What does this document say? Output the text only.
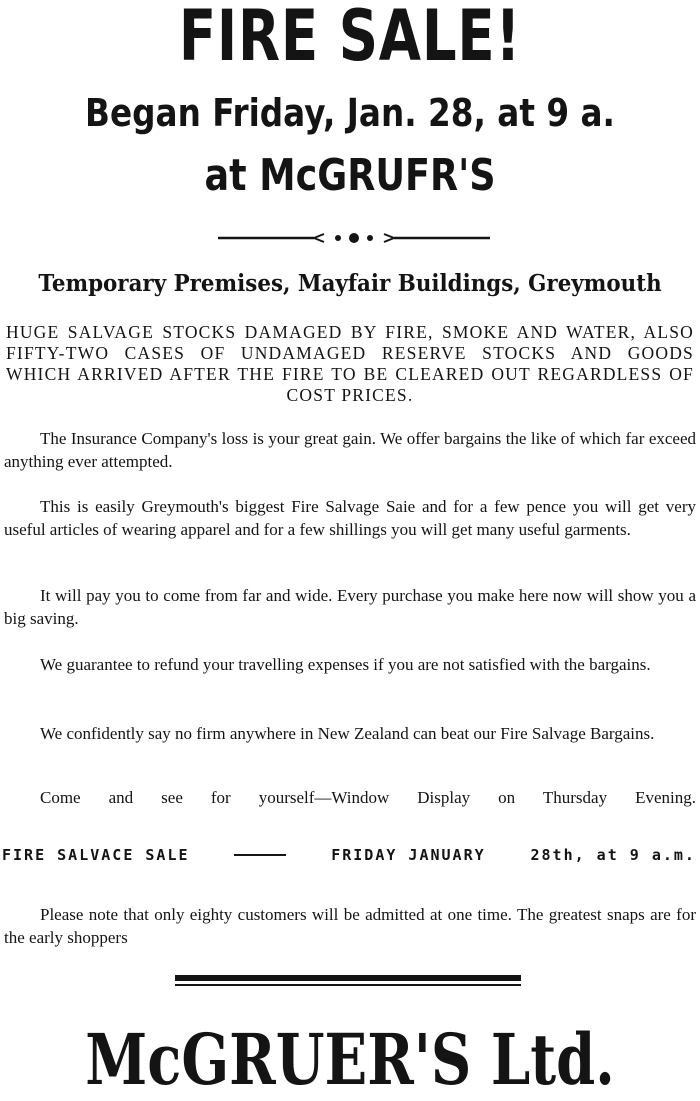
FIRE SALE!
Began Friday, Jan. 28, at 9 a.
at McGRUFR'S

Temporary Premises, Mayfair Buildings, Greymouth

HUGE SALVAGE STOCKS DAMAGED BY FIRE, SMOKE AND WATER, ALSO FIFTY-TWO CASES OF UNDAMAGED RESERVE STOCKS AND GOODS WHICH ARRIVED AFTER THE FIRE TO BE CLEARED OUT REGARDLESS OF COST PRICES.

The Insurance Company's loss is your great gain. We offer bargains the like of which far exceed anything ever attempted.

This is easily Greymouth's biggest Fire Salvage Saie and for a few pence you will get very useful articles of wearing apparel and for a few shillings you will get many useful garments.

It will pay you to come from far and wide. Every purchase you make here now will show you a big saving.

We guarantee to refund your travelling expenses if you are not satisfied with the bargains.

We confidently say no firm anywhere in New Zealand can beat our Fire Salvage Bargains.

Come and see for yourself—Window Display on Thursday Evening.

FIRE SALVACE SALE	FRIDAY JANUARY	28th, at 9 a.m.

Please note that only eighty customers will be admitted at one time. The greatest snaps are for the early shoppers

McGRUER'S Ltd.
